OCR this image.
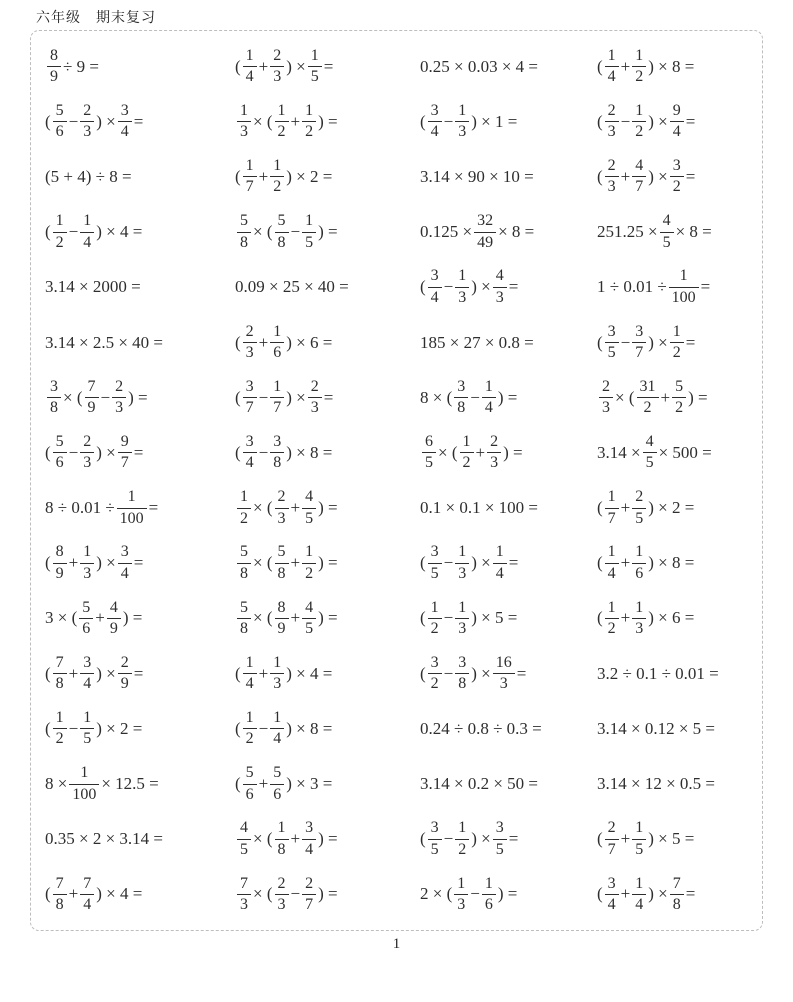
六年级　期末复习
$\frac{8}{9} \div 9$ =	( $\frac{1}{4} + \frac{2}{3}$ ) × $\frac{1}{5}$ =	0.25 × 0.03 × 4 =	( $\frac{1}{4} + \frac{1}{2}$ ) × 8 =
( $\frac{5}{6} - \frac{2}{3}$ ) × $\frac{3}{4}$ =	$\frac{1}{3}$ × ( $\frac{1}{2} + \frac{1}{2}$ ) =	( $\frac{3}{4} - \frac{1}{3}$ ) × 1 =	( $\frac{2}{3} - \frac{1}{2}$ ) × $\frac{9}{4}$ =
(5 + 4) ÷ 8 =	( $\frac{1}{7} + \frac{1}{2}$ ) × 2 =	3.14 × 90 × 10 =	( $\frac{2}{3} + \frac{4}{7}$ ) × $\frac{3}{2}$ =
( $\frac{1}{2} - \frac{1}{4}$ ) × 4 =	$\frac{5}{8}$ × ( $\frac{5}{8} - \frac{1}{5}$ ) =	$0.125 \times \frac{32}{49} \times 8$ =	$251.25 \times \frac{4}{5} \times 8$ =
3.14 × 2000 =	0.09 × 25 × 40 =	( $\frac{3}{4} - \frac{1}{3}$ ) × $\frac{4}{3}$ =	$1 \div 0.01 \div \frac{1}{100}$ =
3.14 × 2.5 × 40 =	( $\frac{2}{3} + \frac{1}{6}$ ) × 6 =	185 × 27 × 0.8 =	( $\frac{3}{5} - \frac{3}{7}$ ) × $\frac{1}{2}$ =
$\frac{3}{8}$ × ( $\frac{7}{9} - \frac{2}{3}$ ) =	( $\frac{3}{7} - \frac{1}{7}$ ) × $\frac{2}{3}$ =	8 × ( $\frac{3}{8} - \frac{1}{4}$ ) =	$\frac{2}{3}$ × ( $\frac{31}{2} + \frac{5}{2}$ ) =
( $\frac{5}{6} - \frac{2}{3}$ ) × $\frac{9}{7}$ =	( $\frac{3}{4} - \frac{3}{8}$ ) × 8 =	$\frac{6}{5}$ × ( $\frac{1}{2} + \frac{2}{3}$ ) =	$3.14 \times \frac{4}{5} \times 500$ =
$8 \div 0.01 \div \frac{1}{100}$ =	$\frac{1}{2}$ × ( $\frac{2}{3} + \frac{4}{5}$ ) =	0.1 × 0.1 × 100 =	( $\frac{1}{7} + \frac{2}{5}$ ) × 2 =
( $\frac{8}{9} + \frac{1}{3}$ ) × $\frac{3}{4}$ =	$\frac{5}{8}$ × ( $\frac{5}{8} + \frac{1}{2}$ ) =	( $\frac{3}{5} - \frac{1}{3}$ ) × $\frac{1}{4}$ =	( $\frac{1}{4} + \frac{1}{6}$ ) × 8 =
3 × ( $\frac{5}{6} + \frac{4}{9}$ ) =	$\frac{5}{8}$ × ( $\frac{8}{9} + \frac{4}{5}$ ) =	( $\frac{1}{2} - \frac{1}{3}$ ) × 5 =	( $\frac{1}{2} + \frac{1}{3}$ ) × 6 =
( $\frac{7}{8} + \frac{3}{4}$ ) × $\frac{2}{9}$ =	( $\frac{1}{4} + \frac{1}{3}$ ) × 4 =	( $\frac{3}{2} - \frac{3}{8}$ ) × $\frac{16}{3}$ =	3.2 ÷ 0.1 ÷ 0.01 =
( $\frac{1}{2} - \frac{1}{5}$ ) × 2 =	( $\frac{1}{2} - \frac{1}{4}$ ) × 8 =	0.24 ÷ 0.8 ÷ 0.3 =	3.14 × 0.12 × 5 =
$8 \times \frac{1}{100} \times 12.5$ =	( $\frac{5}{6} + \frac{5}{6}$ ) × 3 =	3.14 × 0.2 × 50 =	3.14 × 12 × 0.5 =
0.35 × 2 × 3.14 =	$\frac{4}{5}$ × ( $\frac{1}{8} + \frac{3}{4}$ ) =	( $\frac{3}{5} - \frac{1}{2}$ ) × $\frac{3}{5}$ =	( $\frac{2}{7} + \frac{1}{5}$ ) × 5 =
( $\frac{7}{8} + \frac{7}{4}$ ) × 4 =	$\frac{7}{3}$ × ( $\frac{2}{3} - \frac{2}{7}$ ) =	2 × ( $\frac{1}{3} - \frac{1}{6}$ ) =	( $\frac{3}{4} + \frac{1}{4}$ ) × $\frac{7}{8}$ =
1
